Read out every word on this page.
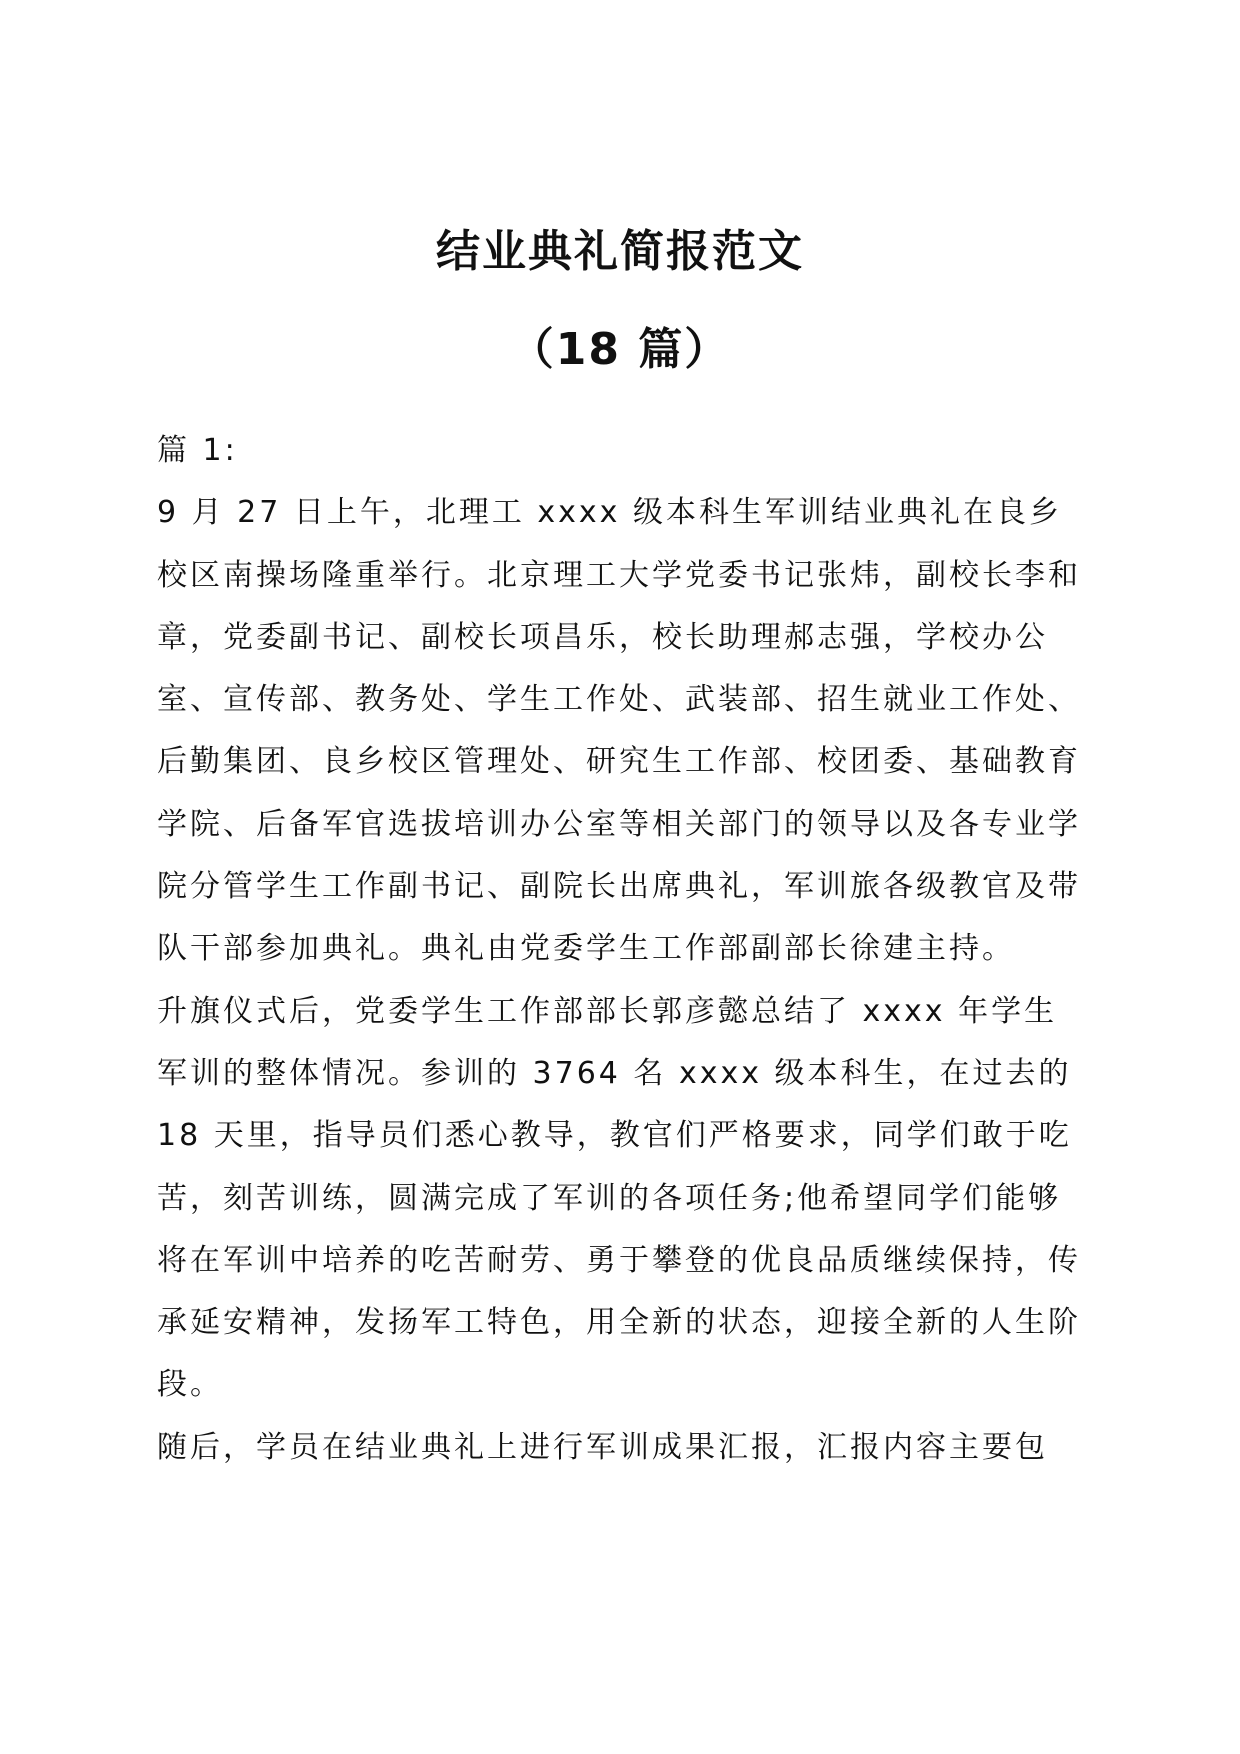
结业典礼简报范文
（18 篇）

篇 1:

9 月 27 日上午，北理工 xxxx 级本科生军训结业典礼在良乡校区南操场隆重举行。北京理工大学党委书记张炜，副校长李和章，党委副书记、副校长项昌乐，校长助理郝志强，学校办公室、宣传部、教务处、学生工作处、武装部、招生就业工作处、后勤集团、良乡校区管理处、研究生工作部、校团委、基础教育学院、后备军官选拔培训办公室等相关部门的领导以及各专业学院分管学生工作副书记、副院长出席典礼，军训旅各级教官及带队干部参加典礼。典礼由党委学生工作部副部长徐建主持。

升旗仪式后，党委学生工作部部长郭彦懿总结了 xxxx 年学生军训的整体情况。参训的 3764 名 xxxx 级本科生，在过去的 18 天里，指导员们悉心教导，教官们严格要求，同学们敢于吃苦，刻苦训练，圆满完成了军训的各项任务;他希望同学们能够将在军训中培养的吃苦耐劳、勇于攀登的优良品质继续保持，传承延安精神，发扬军工特色，用全新的状态，迎接全新的人生阶段。

随后，学员在结业典礼上进行军训成果汇报，汇报内容主要包
